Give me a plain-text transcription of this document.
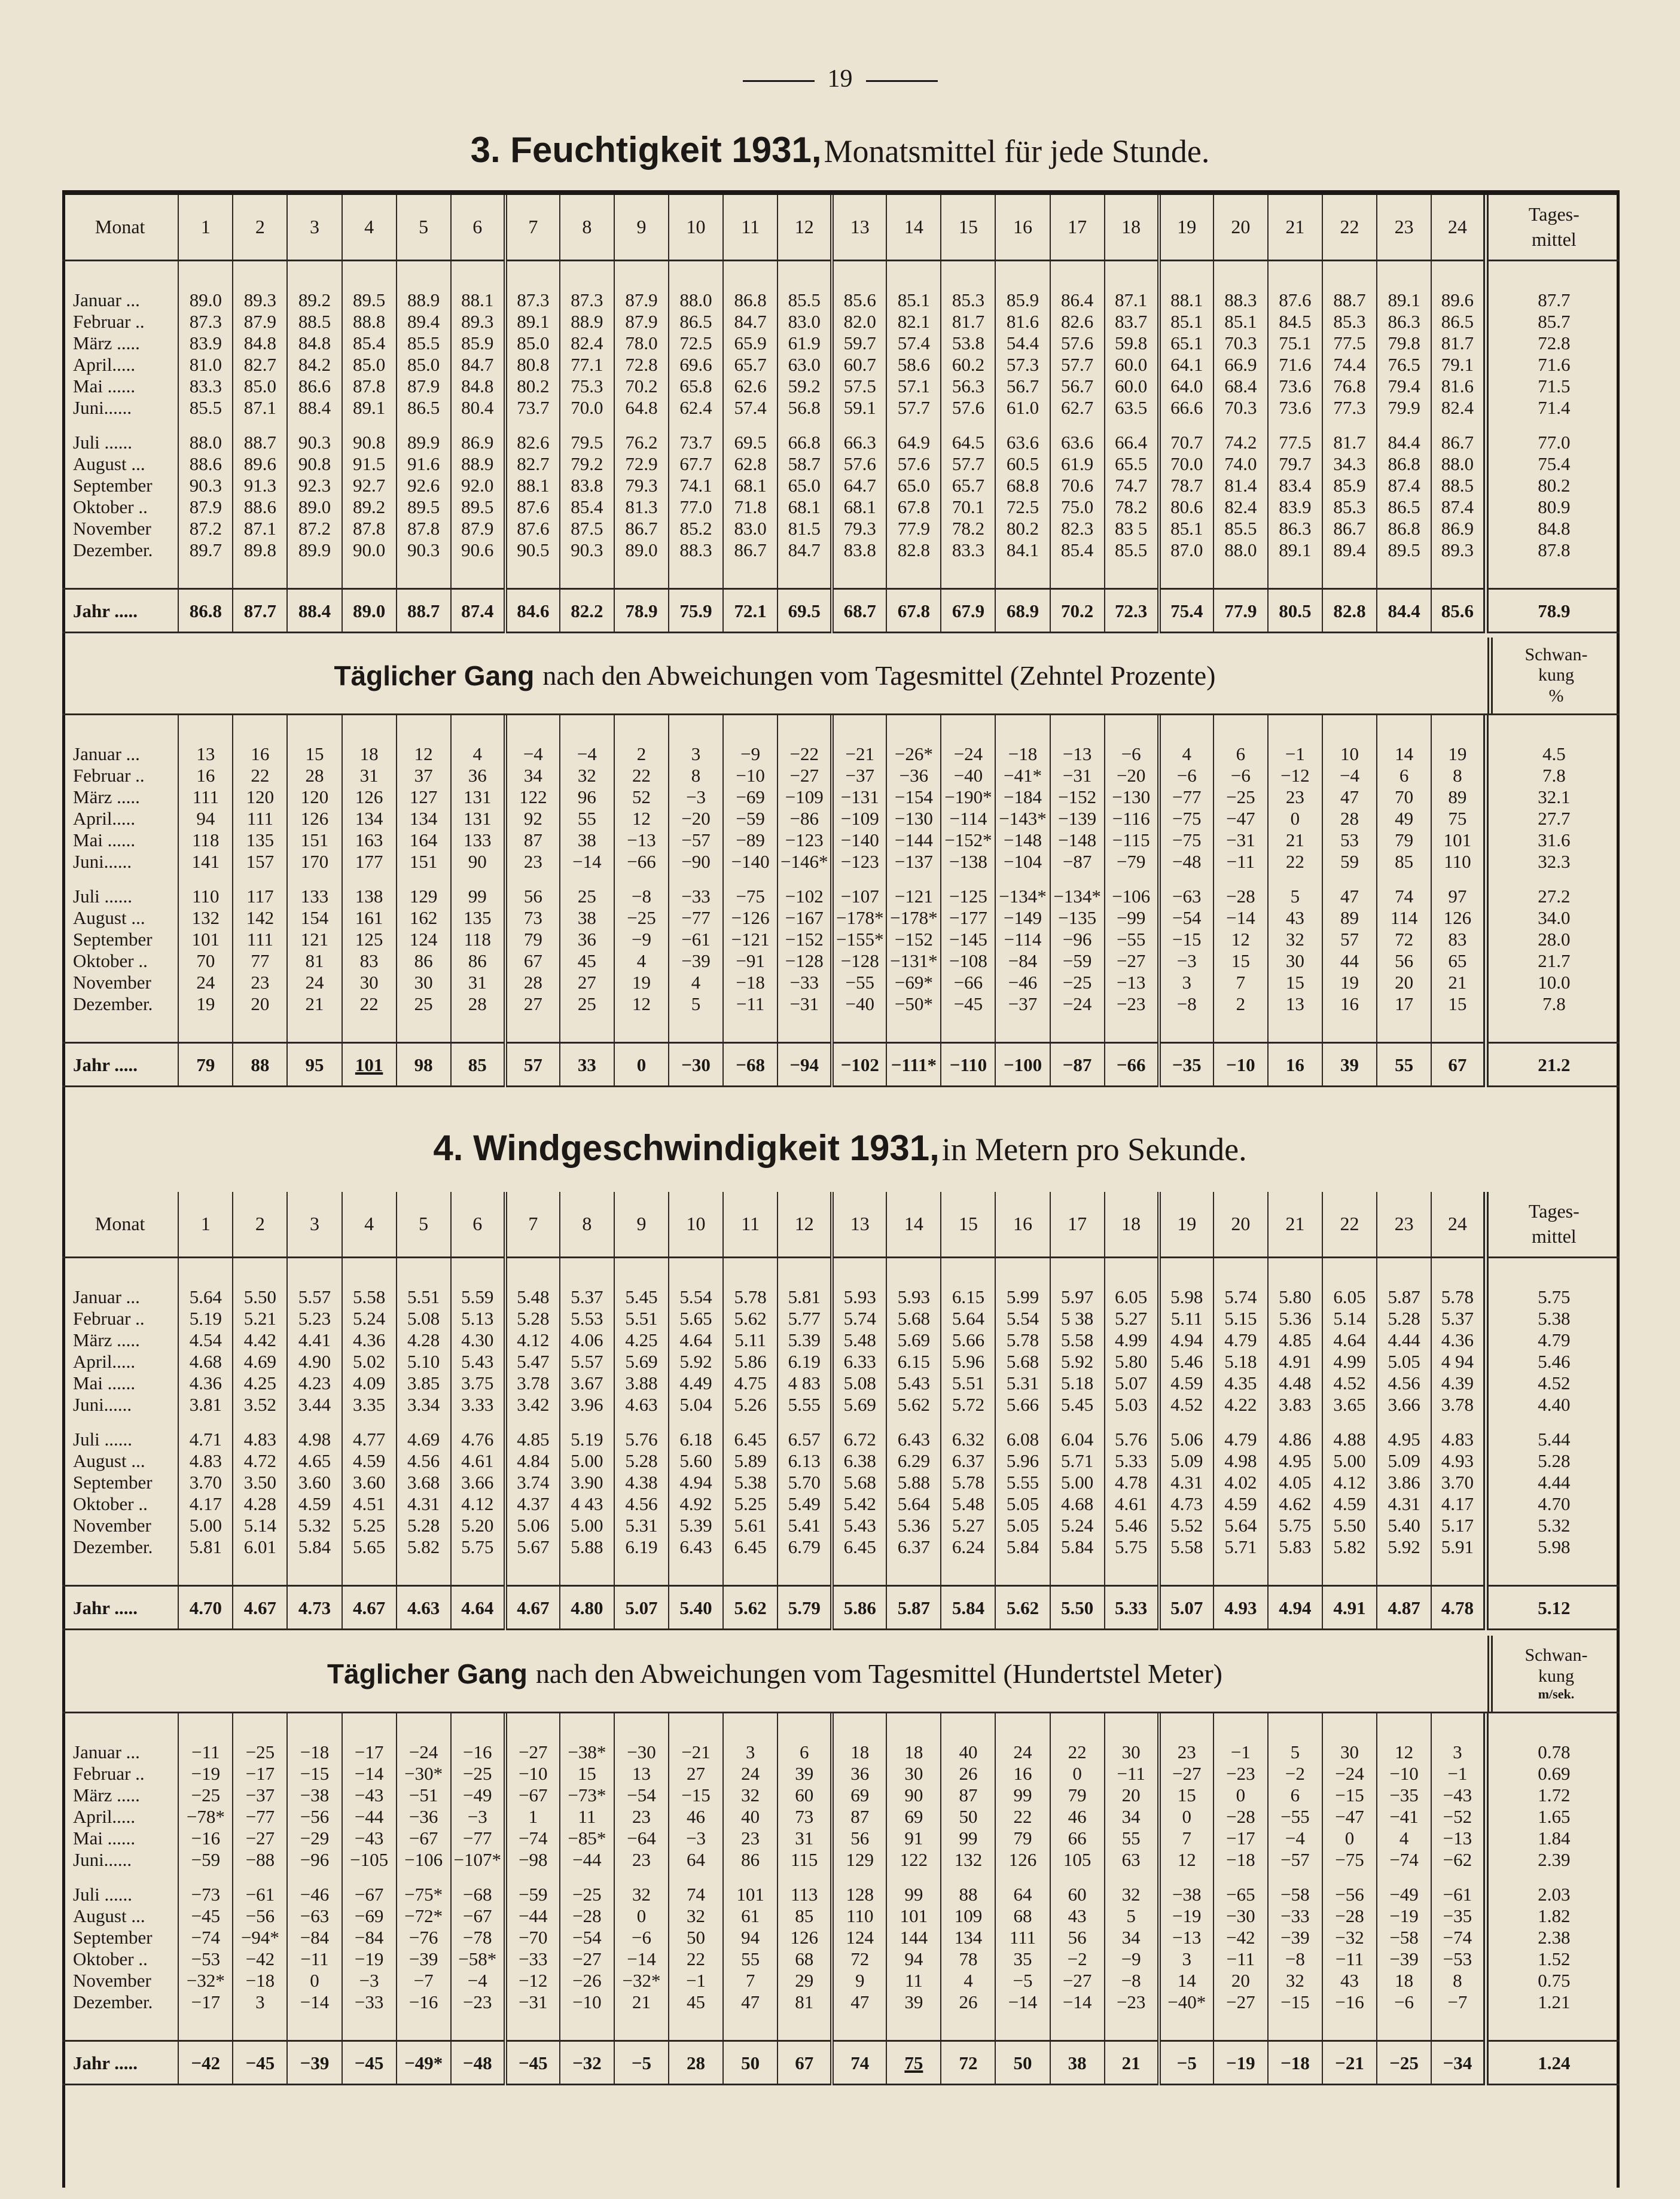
19
3. Feuchtigkeit 1931, Monatsmittel für jede Stunde.
4. Windgeschwindigkeit 1931, in Metern pro Sekunde.
Monat	1	2	3	4	5	6	7	8	9	10	11	12	13	14	15	16	17	18	19	20	21	22	23	24	Tages-
mittel

Januar ...	89.0	89.3	89.2	89.5	88.9	88.1	87.3	87.3	87.9	88.0	86.8	85.5	85.6	85.1	85.3	85.9	86.4	87.1	88.1	88.3	87.6	88.7	89.1	89.6	87.7
Februar ..	87.3	87.9	88.5	88.8	89.4	89.3	89.1	88.9	87.9	86.5	84.7	83.0	82.0	82.1	81.7	81.6	82.6	83.7	85.1	85.1	84.5	85.3	86.3	86.5	85.7
März .....	83.9	84.8	84.8	85.4	85.5	85.9	85.0	82.4	78.0	72.5	65.9	61.9	59.7	57.4	53.8	54.4	57.6	59.8	65.1	70.3	75.1	77.5	79.8	81.7	72.8
April.....	81.0	82.7	84.2	85.0	85.0	84.7	80.8	77.1	72.8	69.6	65.7	63.0	60.7	58.6	60.2	57.3	57.7	60.0	64.1	66.9	71.6	74.4	76.5	79.1	71.6
Mai ......	83.3	85.0	86.6	87.8	87.9	84.8	80.2	75.3	70.2	65.8	62.6	59.2	57.5	57.1	56.3	56.7	56.7	60.0	64.0	68.4	73.6	76.8	79.4	81.6	71.5
Juni......	85.5	87.1	88.4	89.1	86.5	80.4	73.7	70.0	64.8	62.4	57.4	56.8	59.1	57.7	57.6	61.0	62.7	63.5	66.6	70.3	73.6	77.3	79.9	82.4	71.4

Juli ......	88.0	88.7	90.3	90.8	89.9	86.9	82.6	79.5	76.2	73.7	69.5	66.8	66.3	64.9	64.5	63.6	63.6	66.4	70.7	74.2	77.5	81.7	84.4	86.7	77.0
August ...	88.6	89.6	90.8	91.5	91.6	88.9	82.7	79.2	72.9	67.7	62.8	58.7	57.6	57.6	57.7	60.5	61.9	65.5	70.0	74.0	79.7	34.3	86.8	88.0	75.4
September	90.3	91.3	92.3	92.7	92.6	92.0	88.1	83.8	79.3	74.1	68.1	65.0	64.7	65.0	65.7	68.8	70.6	74.7	78.7	81.4	83.4	85.9	87.4	88.5	80.2
Oktober ..	87.9	88.6	89.0	89.2	89.5	89.5	87.6	85.4	81.3	77.0	71.8	68.1	68.1	67.8	70.1	72.5	75.0	78.2	80.6	82.4	83.9	85.3	86.5	87.4	80.9
November	87.2	87.1	87.2	87.8	87.8	87.9	87.6	87.5	86.7	85.2	83.0	81.5	79.3	77.9	78.2	80.2	82.3	83 5	85.1	85.5	86.3	86.7	86.8	86.9	84.8
Dezember.	89.7	89.8	89.9	90.0	90.3	90.6	90.5	90.3	89.0	88.3	86.7	84.7	83.8	82.8	83.3	84.1	85.4	85.5	87.0	88.0	89.1	89.4	89.5	89.3	87.8

Jahr .....	86.8	87.7	88.4	89.0	88.7	87.4	84.6	82.2	78.9	75.9	72.1	69.5	68.7	67.8	67.9	68.9	70.2	72.3	75.4	77.9	80.5	82.8	84.4	85.6	78.9
Täglicher Gang nach den Abweichungen vom Tagesmittel (Zehntel Prozente)
Schwan-
kung
%

Januar ...	13	16	15	18	12	4	−4	−4	2	3	−9	−22	−21	−26*	−24	−18	−13	−6	4	6	−1	10	14	19	4.5
Februar ..	16	22	28	31	37	36	34	32	22	8	−10	−27	−37	−36	−40	−41*	−31	−20	−6	−6	−12	−4	6	8	7.8
März .....	111	120	120	126	127	131	122	96	52	−3	−69	−109	−131	−154	−190*	−184	−152	−130	−77	−25	23	47	70	89	32.1
April.....	94	111	126	134	134	131	92	55	12	−20	−59	−86	−109	−130	−114	−143*	−139	−116	−75	−47	0	28	49	75	27.7
Mai ......	118	135	151	163	164	133	87	38	−13	−57	−89	−123	−140	−144	−152*	−148	−148	−115	−75	−31	21	53	79	101	31.6
Juni......	141	157	170	177	151	90	23	−14	−66	−90	−140	−146*	−123	−137	−138	−104	−87	−79	−48	−11	22	59	85	110	32.3

Juli ......	110	117	133	138	129	99	56	25	−8	−33	−75	−102	−107	−121	−125	−134*	−134*	−106	−63	−28	5	47	74	97	27.2
August ...	132	142	154	161	162	135	73	38	−25	−77	−126	−167	−178*	−178*	−177	−149	−135	−99	−54	−14	43	89	114	126	34.0
September	101	111	121	125	124	118	79	36	−9	−61	−121	−152	−155*	−152	−145	−114	−96	−55	−15	12	32	57	72	83	28.0
Oktober ..	70	77	81	83	86	86	67	45	4	−39	−91	−128	−128	−131*	−108	−84	−59	−27	−3	15	30	44	56	65	21.7
November	24	23	24	30	30	31	28	27	19	4	−18	−33	−55	−69*	−66	−46	−25	−13	3	7	15	19	20	21	10.0
Dezember.	19	20	21	22	25	28	27	25	12	5	−11	−31	−40	−50*	−45	−37	−24	−23	−8	2	13	16	17	15	7.8

Jahr .....	79	88	95	101	98	85	57	33	0	−30	−68	−94	−102	−111*	−110	−100	−87	−66	−35	−10	16	39	55	67	21.2
Monat	1	2	3	4	5	6	7	8	9	10	11	12	13	14	15	16	17	18	19	20	21	22	23	24	Tages-
mittel

Januar ...	5.64	5.50	5.57	5.58	5.51	5.59	5.48	5.37	5.45	5.54	5.78	5.81	5.93	5.93	6.15	5.99	5.97	6.05	5.98	5.74	5.80	6.05	5.87	5.78	5.75
Februar ..	5.19	5.21	5.23	5.24	5.08	5.13	5.28	5.53	5.51	5.65	5.62	5.77	5.74	5.68	5.64	5.54	5 38	5.27	5.11	5.15	5.36	5.14	5.28	5.37	5.38
März .....	4.54	4.42	4.41	4.36	4.28	4.30	4.12	4.06	4.25	4.64	5.11	5.39	5.48	5.69	5.66	5.78	5.58	4.99	4.94	4.79	4.85	4.64	4.44	4.36	4.79
April.....	4.68	4.69	4.90	5.02	5.10	5.43	5.47	5.57	5.69	5.92	5.86	6.19	6.33	6.15	5.96	5.68	5.92	5.80	5.46	5.18	4.91	4.99	5.05	4 94	5.46
Mai ......	4.36	4.25	4.23	4.09	3.85	3.75	3.78	3.67	3.88	4.49	4.75	4 83	5.08	5.43	5.51	5.31	5.18	5.07	4.59	4.35	4.48	4.52	4.56	4.39	4.52
Juni......	3.81	3.52	3.44	3.35	3.34	3.33	3.42	3.96	4.63	5.04	5.26	5.55	5.69	5.62	5.72	5.66	5.45	5.03	4.52	4.22	3.83	3.65	3.66	3.78	4.40

Juli ......	4.71	4.83	4.98	4.77	4.69	4.76	4.85	5.19	5.76	6.18	6.45	6.57	6.72	6.43	6.32	6.08	6.04	5.76	5.06	4.79	4.86	4.88	4.95	4.83	5.44
August ...	4.83	4.72	4.65	4.59	4.56	4.61	4.84	5.00	5.28	5.60	5.89	6.13	6.38	6.29	6.37	5.96	5.71	5.33	5.09	4.98	4.95	5.00	5.09	4.93	5.28
September	3.70	3.50	3.60	3.60	3.68	3.66	3.74	3.90	4.38	4.94	5.38	5.70	5.68	5.88	5.78	5.55	5.00	4.78	4.31	4.02	4.05	4.12	3.86	3.70	4.44
Oktober ..	4.17	4.28	4.59	4.51	4.31	4.12	4.37	4 43	4.56	4.92	5.25	5.49	5.42	5.64	5.48	5.05	4.68	4.61	4.73	4.59	4.62	4.59	4.31	4.17	4.70
November	5.00	5.14	5.32	5.25	5.28	5.20	5.06	5.00	5.31	5.39	5.61	5.41	5.43	5.36	5.27	5.05	5.24	5.46	5.52	5.64	5.75	5.50	5.40	5.17	5.32
Dezember.	5.81	6.01	5.84	5.65	5.82	5.75	5.67	5.88	6.19	6.43	6.45	6.79	6.45	6.37	6.24	5.84	5.84	5.75	5.58	5.71	5.83	5.82	5.92	5.91	5.98

Jahr .....	4.70	4.67	4.73	4.67	4.63	4.64	4.67	4.80	5.07	5.40	5.62	5.79	5.86	5.87	5.84	5.62	5.50	5.33	5.07	4.93	4.94	4.91	4.87	4.78	5.12
Täglicher Gang nach den Abweichungen vom Tagesmittel (Hundertstel Meter)
Schwan-
kung
m/sek.

Januar ...	−11	−25	−18	−17	−24	−16	−27	−38*	−30	−21	3	6	18	18	40	24	22	30	23	−1	5	30	12	3	0.78
Februar ..	−19	−17	−15	−14	−30*	−25	−10	15	13	27	24	39	36	30	26	16	0	−11	−27	−23	−2	−24	−10	−1	0.69
März .....	−25	−37	−38	−43	−51	−49	−67	−73*	−54	−15	32	60	69	90	87	99	79	20	15	0	6	−15	−35	−43	1.72
April.....	−78*	−77	−56	−44	−36	−3	1	11	23	46	40	73	87	69	50	22	46	34	0	−28	−55	−47	−41	−52	1.65
Mai ......	−16	−27	−29	−43	−67	−77	−74	−85*	−64	−3	23	31	56	91	99	79	66	55	7	−17	−4	0	4	−13	1.84
Juni......	−59	−88	−96	−105	−106	−107*	−98	−44	23	64	86	115	129	122	132	126	105	63	12	−18	−57	−75	−74	−62	2.39

Juli ......	−73	−61	−46	−67	−75*	−68	−59	−25	32	74	101	113	128	99	88	64	60	32	−38	−65	−58	−56	−49	−61	2.03
August ...	−45	−56	−63	−69	−72*	−67	−44	−28	0	32	61	85	110	101	109	68	43	5	−19	−30	−33	−28	−19	−35	1.82
September	−74	−94*	−84	−84	−76	−78	−70	−54	−6	50	94	126	124	144	134	111	56	34	−13	−42	−39	−32	−58	−74	2.38
Oktober ..	−53	−42	−11	−19	−39	−58*	−33	−27	−14	22	55	68	72	94	78	35	−2	−9	3	−11	−8	−11	−39	−53	1.52
November	−32*	−18	0	−3	−7	−4	−12	−26	−32*	−1	7	29	9	11	4	−5	−27	−8	14	20	32	43	18	8	0.75
Dezember.	−17	3	−14	−33	−16	−23	−31	−10	21	45	47	81	47	39	26	−14	−14	−23	−40*	−27	−15	−16	−6	−7	1.21

Jahr .....	−42	−45	−39	−45	−49*	−48	−45	−32	−5	28	50	67	74	75	72	50	38	21	−5	−19	−18	−21	−25	−34	1.24
